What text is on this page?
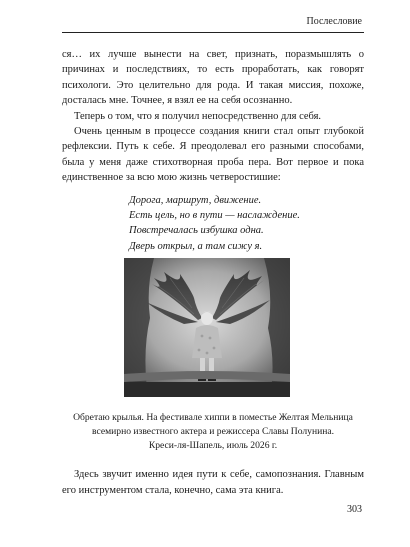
Послесловие

ся… их лучше вынести на свет, признать, поразмышлять о причинах и последствиях, то есть проработать, как говорят психологи. Это целительно для рода. И такая миссия, похоже, досталась мне. Точнее, я взял ее на себя осознанно.

Теперь о том, что я получил непосредственно для себя.

Очень ценным в процессе создания книги стал опыт глубокой рефлексии. Путь к себе. Я преодолевал его разными способами, была у меня даже стихотворная проба пера. Вот первое и пока единственное за всю мою жизнь четверостишие:

Дорога, маршрут, движение.
Есть цель, но в пути — наслаждение.
Повстречалась избушка одна.
Дверь открыл, а там сижу я.
Обретаю крылья. На фестивале хиппи в поместье Желтая Мельница
всемирно известного актера и режиссера Славы Полунина.
Креси-ля-Шапель, июль 2026 г.

Здесь звучит именно идея пути к себе, самопознания. Главным его инструментом стала, конечно, сама эта книга.

303
